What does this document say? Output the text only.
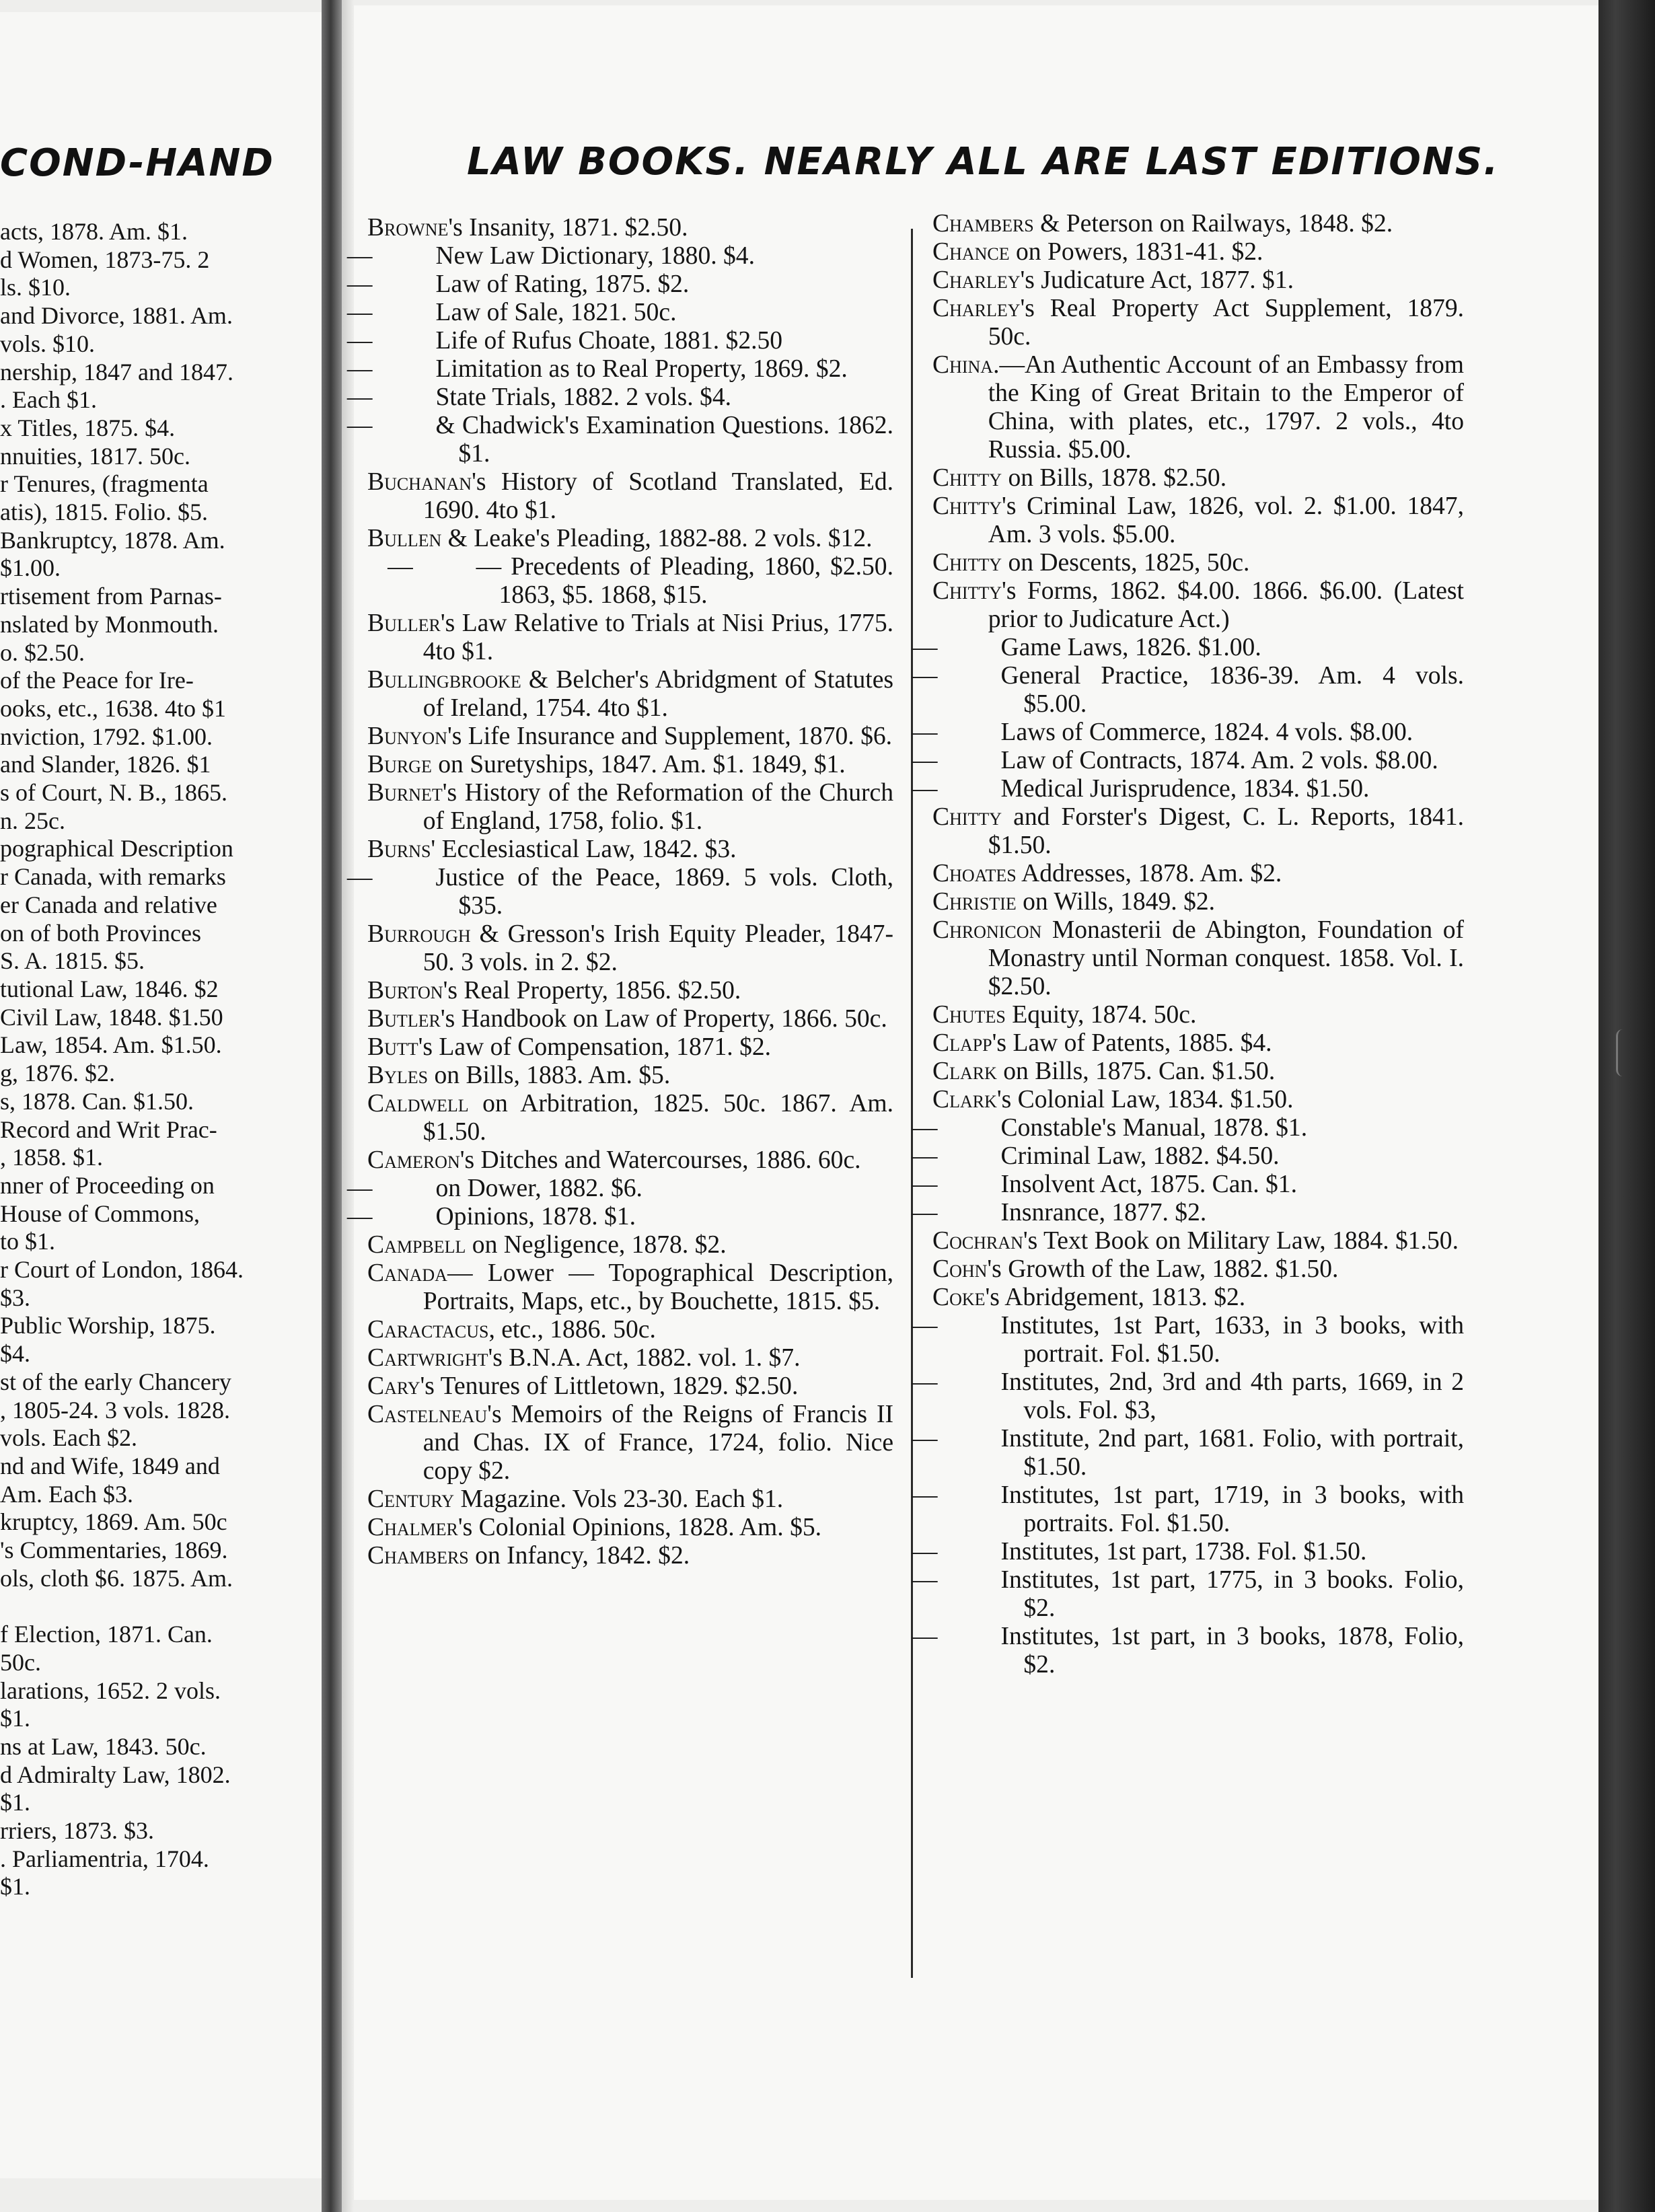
COND-HAND

acts, 1878. Am. $1.

d Women, 1873-75. 2

ls. $10.

and Divorce, 1881. Am.

vols. $10.

nership, 1847 and 1847.

. Each $1.

x Titles, 1875. $4.

nnuities, 1817. 50c.

r Tenures, (fragmenta

atis), 1815. Folio. $5.

Bankruptcy, 1878. Am.

$1.00.

rtisement from Parnas-

nslated by Monmouth.

o. $2.50.

of the Peace for Ire-

ooks, etc., 1638. 4to $1

nviction, 1792. $1.00.

and Slander, 1826. $1

s of Court, N. B., 1865.

n. 25c.

pographical Description

r Canada, with remarks

er Canada and relative

on of both Provinces

S. A. 1815. $5.

tutional Law, 1846. $2

Civil Law, 1848. $1.50

Law, 1854. Am. $1.50.

g, 1876. $2.

s, 1878. Can. $1.50.

Record and Writ Prac-

, 1858. $1.

nner of Proceeding on

House of Commons,

to $1.

r Court of London, 1864.

$3.

Public Worship, 1875.

$4.

st of the early Chancery

, 1805-24. 3 vols. 1828.

vols. Each $2.

nd and Wife, 1849 and

Am. Each $3.

kruptcy, 1869. Am. 50c

's Commentaries, 1869.

ols, cloth $6. 1875. Am.

f Election, 1871. Can.

50c.

larations, 1652. 2 vols.

$1.

ns at Law, 1843. 50c.

d Admiralty Law, 1802.

$1.

rriers, 1873. $3.

. Parliamentria, 1704.

$1.

LAW BOOKS. NEARLY ALL ARE LAST EDITIONS.

Browne's Insanity, 1871. $2.50.

—	New Law Dictionary, 1880. $4.

—	Law of Rating, 1875. $2.

—	Law of Sale, 1821. 50c.

—	Life of Rufus Choate, 1881. $2.50

—	Limitation as to Real Property, 1869. $2.

—	State Trials, 1882. 2 vols. $4.

—	& Chadwick's Examination Questions. 1862. $1.

Buchanan's History of Scotland Translated, Ed. 1690. 4to $1.

Bullen & Leake's Pleading, 1882-88. 2 vols. $12.

—     — Precedents of Pleading, 1860, $2.50. 1863, $5. 1868, $15.

Buller's Law Relative to Trials at Nisi Prius, 1775. 4to $1.

Bullingbrooke & Belcher's Abridgment of Statutes of Ireland, 1754. 4to $1.

Bunyon's Life Insurance and Supplement, 1870. $6.

Burge on Suretyships, 1847. Am. $1. 1849, $1.

Burnet's History of the Reformation of the Church of England, 1758, folio. $1.

Burns' Ecclesiastical Law, 1842. $3.

—	Justice of the Peace, 1869. 5 vols. Cloth, $35.

Burrough & Gresson's Irish Equity Pleader, 1847-50. 3 vols. in 2. $2.

Burton's Real Property, 1856. $2.50.

Butler's Handbook on Law of Property, 1866. 50c.

Butt's Law of Compensation, 1871. $2.

Byles on Bills, 1883. Am. $5.

Caldwell on Arbitration, 1825. 50c. 1867. Am. $1.50.

Cameron's Ditches and Watercourses, 1886. 60c.

—	on Dower, 1882. $6.

—	Opinions, 1878. $1.

Campbell on Negligence, 1878. $2.

Canada— Lower — Topographical Description, Portraits, Maps, etc., by Bouchette, 1815. $5.

Caractacus, etc., 1886. 50c.

Cartwright's B.N.A. Act, 1882. vol. 1. $7.

Cary's Tenures of Littletown, 1829. $2.50.

Castelneau's Memoirs of the Reigns of Francis II and Chas. IX of France, 1724, folio. Nice copy $2.

Century Magazine. Vols 23-30. Each $1.

Chalmer's Colonial Opinions, 1828. Am. $5.

Chambers on Infancy, 1842. $2.

Chambers & Peterson on Railways, 1848. $2.

Chance on Powers, 1831-41. $2.

Charley's Judicature Act, 1877. $1.

Charley's Real Property Act Supplement, 1879. 50c.

China.—An Authentic Account of an Embassy from the King of Great Britain to the Emperor of China, with plates, etc., 1797. 2 vols., 4to Russia. $5.00.

Chitty on Bills, 1878. $2.50.

Chitty's Criminal Law, 1826, vol. 2. $1.00. 1847, Am. 3 vols. $5.00.

Chitty on Descents, 1825, 50c.

Chitty's Forms, 1862. $4.00. 1866. $6.00. (Latest prior to Judicature Act.)

—	Game Laws, 1826. $1.00.

—	General Practice, 1836-39. Am. 4 vols. $5.00.

—	Laws of Commerce, 1824. 4 vols. $8.00.

—	Law of Contracts, 1874. Am. 2 vols. $8.00.

—	Medical Jurisprudence, 1834. $1.50.

Chitty and Forster's Digest, C. L. Reports, 1841. $1.50.

Choates Addresses, 1878. Am. $2.

Christie on Wills, 1849. $2.

Chronicon Monasterii de Abington, Foundation of Monastry until Norman conquest. 1858. Vol. I. $2.50.

Chutes Equity, 1874. 50c.

Clapp's Law of Patents, 1885. $4.

Clark on Bills, 1875. Can. $1.50.

Clark's Colonial Law, 1834. $1.50.

—	Constable's Manual, 1878. $1.

—	Criminal Law, 1882. $4.50.

—	Insolvent Act, 1875. Can. $1.

—	Insnrance, 1877. $2.

Cochran's Text Book on Military Law, 1884. $1.50.

Cohn's Growth of the Law, 1882. $1.50.

Coke's Abridgement, 1813. $2.

—	Institutes, 1st Part, 1633, in 3 books, with portrait. Fol. $1.50.

—	Institutes, 2nd, 3rd and 4th parts, 1669, in 2 vols. Fol. $3,

—	Institute, 2nd part, 1681. Folio, with portrait, $1.50.

—	Institutes, 1st part, 1719, in 3 books, with portraits. Fol. $1.50.

—	Institutes, 1st part, 1738. Fol. $1.50.

—	Institutes, 1st part, 1775, in 3 books. Folio, $2.

—	Institutes, 1st part, in 3 books, 1878, Folio, $2.
